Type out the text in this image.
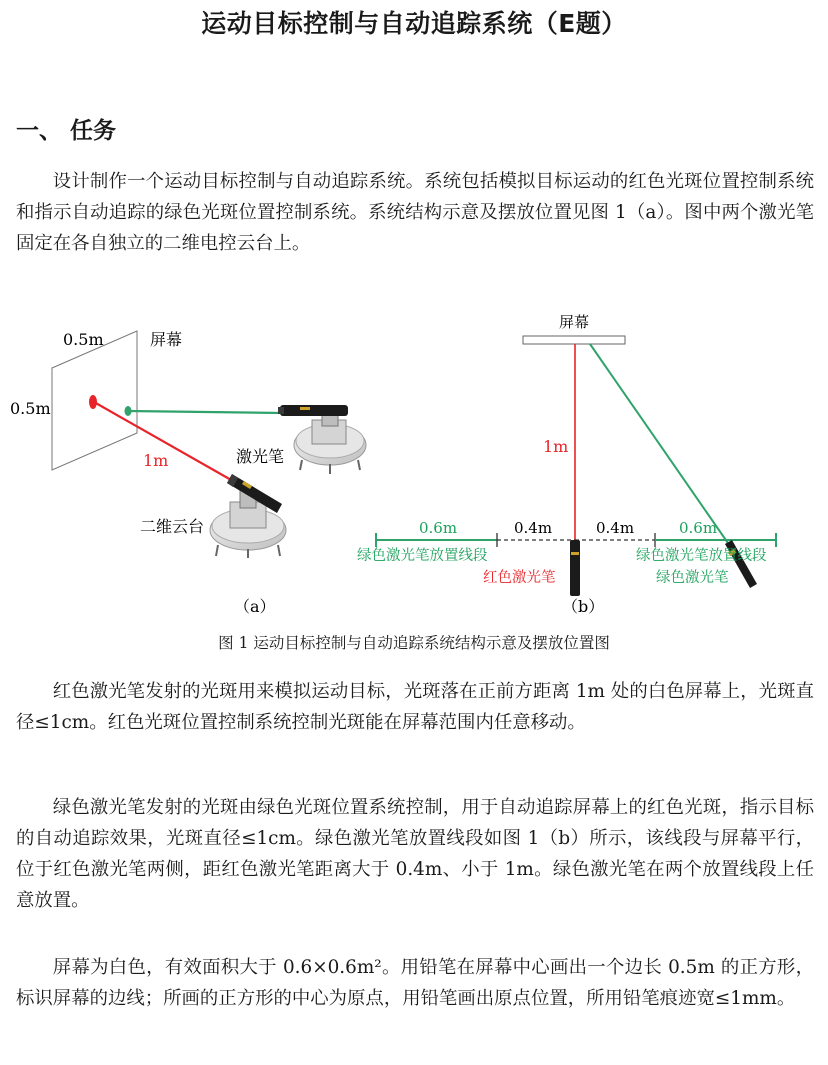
运动目标控制与自动追踪系统（E题）
一、 任务

设计制作一个运动目标控制与自动追踪系统。系统包括模拟目标运动的红色光斑位置控制系统和指示自动追踪的绿色光斑位置控制系统。系统结构示意及摆放位置见图 1（a）。图中两个激光笔固定在各自独立的二维电控云台上。

0.5m	屏幕
0.5m
1m	激光笔
二维云台
（a）
屏幕
1m
0.6m	0.4m	0.4m	0.6m
绿色激光笔放置线段
红色激光笔
绿色激光笔放置线段
绿色激光笔
（b）
图 1 运动目标控制与自动追踪系统结构示意及摆放位置图

红色激光笔发射的光斑用来模拟运动目标，光斑落在正前方距离 1m 处的白色屏幕上，光斑直径≤1cm。红色光斑位置控制系统控制光斑能在屏幕范围内任意移动。

绿色激光笔发射的光斑由绿色光斑位置系统控制，用于自动追踪屏幕上的红色光斑，指示目标的自动追踪效果，光斑直径≤1cm。绿色激光笔放置线段如图 1（b）所示，该线段与屏幕平行，位于红色激光笔两侧，距红色激光笔距离大于 0.4m、小于 1m。绿色激光笔在两个放置线段上任意放置。

屏幕为白色，有效面积大于 0.6×0.6m²。用铅笔在屏幕中心画出一个边长 0.5m 的正方形，标识屏幕的边线；所画的正方形的中心为原点，用铅笔画出原点位置，所用铅笔痕迹宽≤1mm。
